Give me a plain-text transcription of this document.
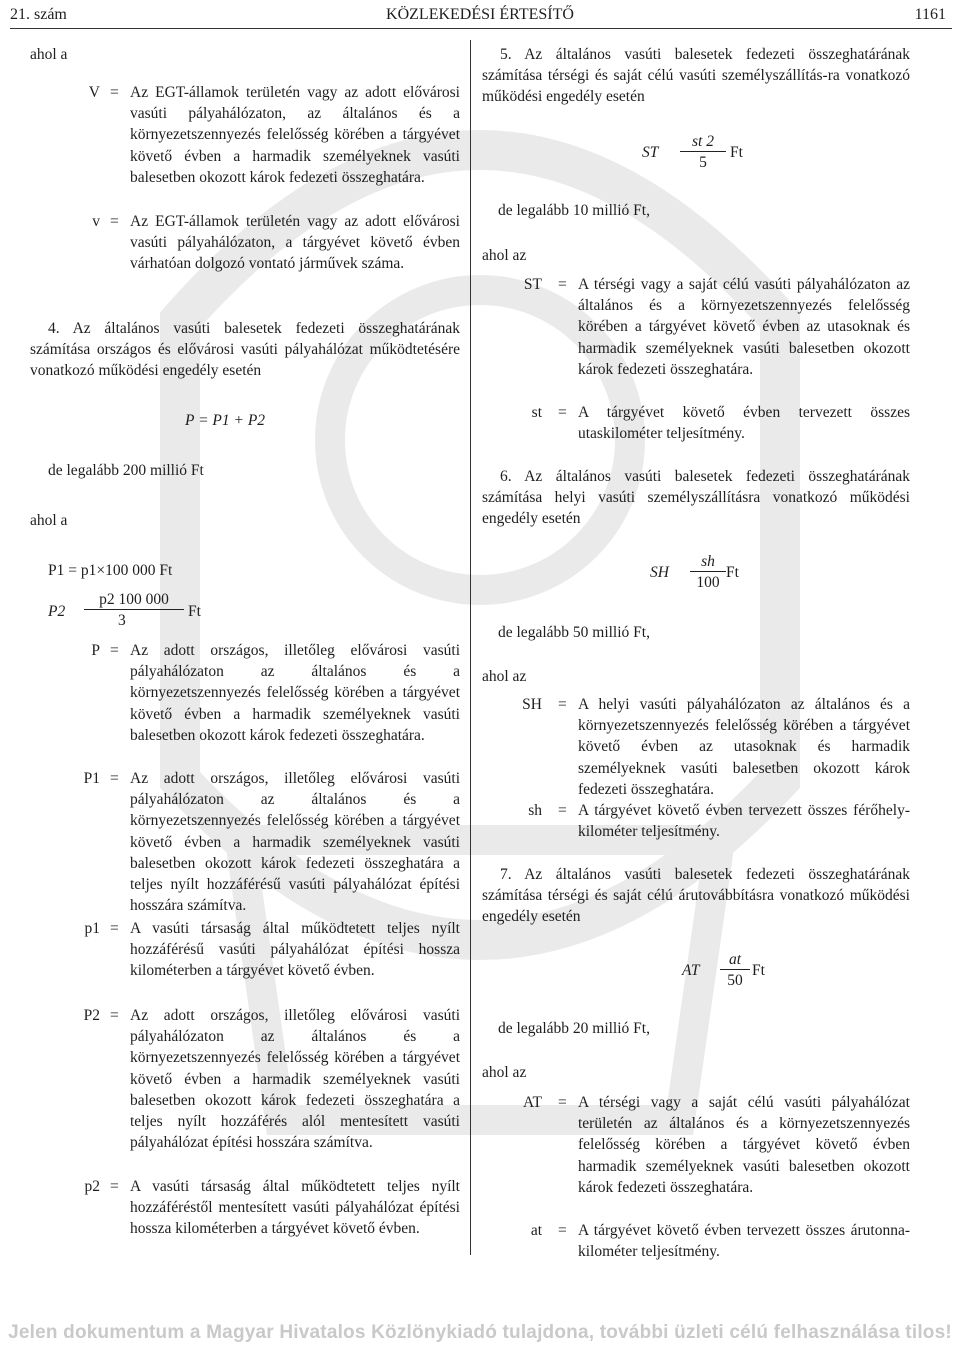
21. szám	KÖZLEKEDÉSI ÉRTESÍTŐ	1161
ahol a
V = Az EGT-államok területén vagy az adott elővárosi vasúti pályahálózaton, az általános és a környezetszennyezés felelősség körében a tárgyévet követő évben a harmadik személyeknek vasúti balesetben okozott károk fedezeti összeghatára.
v = Az EGT-államok területén vagy az adott elővárosi vasúti pályahálózaton, a tárgyévet követő évben várhatóan dolgozó vontató járművek száma.
4. Az általános vasúti balesetek fedezeti összeghatárának számítása országos és elővárosi vasúti pályahálózat működtetésére vonatkozó működési engedély esetén
P = P1 + P2
de legalább 200 millió Ft
ahol a
P1 = p1×100 000 Ft
$P2 \frac{p2 100 000}{3}$ Ft
P = Az adott országos, illetőleg elővárosi vasúti pályahálózaton az általános és a környezetszennyezés felelősség körében a tárgyévet követő évben a harmadik személyeknek vasúti balesetben okozott károk fedezeti összeghatára.
P1 = Az adott országos, illetőleg elővárosi vasúti pályahálózaton az általános és a környezetszennyezés felelősség körében a tárgyévet követő évben a harmadik személyeknek vasúti balesetben okozott károk fedezeti összeghatára a teljes nyílt hozzáférésű vasúti pályahálózat építési hosszára számítva.
p1 = A vasúti társaság által működtetett teljes nyílt hozzáférésű vasúti pályahálózat építési hossza kilométerben a tárgyévet követő évben.
P2 = Az adott országos, illetőleg elővárosi vasúti pályahálózaton az általános és a környezetszennyezés felelősség körében a tárgyévet követő évben a harmadik személyeknek vasúti balesetben okozott károk fedezeti összeghatára a teljes nyílt hozzáférés alól mentesített vasúti pályahálózat építési hosszára számítva.
p2 = A vasúti társaság által működtetett teljes nyílt hozzáféréstől mentesített vasúti pályahálózat építési hossza kilométerben a tárgyévet követő évben.
5. Az általános vasúti balesetek fedezeti összeghatárának számítása térségi és saját célú vasúti személyszállítás-ra vonatkozó működési engedély esetén
ST $\frac{st 2}{5}$ Ft
de legalább 10 millió Ft,
ahol az
ST = A térségi vagy a saját célú vasúti pályahálózaton az általános és a környezetszennyezés felelősség körében a tárgyévet követő évben az utasoknak és harmadik személyeknek vasúti balesetben okozott károk fedezeti összeghatára.
st = A tárgyévet követő évben tervezett összes utaskilométer teljesítmény.
6. Az általános vasúti balesetek fedezeti összeghatárának számítása helyi vasúti személyszállításra vonatkozó működési engedély esetén
SH $\frac{sh}{100}$ Ft
de legalább 50 millió Ft,
ahol az
SH = A helyi vasúti pályahálózaton az általános és a környezetszennyezés felelősség körében a tárgyévet követő évben az utasoknak és harmadik személyeknek vasúti balesetben okozott károk fedezeti összeghatára.
sh = A tárgyévet követő évben tervezett összes férőhely-kilométer teljesítmény.
7. Az általános vasúti balesetek fedezeti összeghatárának számítása térségi és saját célú árutovábbításra vonatkozó működési engedély esetén
AT $\frac{at}{50}$ Ft
de legalább 20 millió Ft,
ahol az
AT = A térségi vagy a saját célú vasúti pályahálózat területén az általános és a környezetszennyezés felelősség körében a tárgyévet követő évben harmadik személyeknek vasúti balesetben okozott károk fedezeti összeghatára.
at = A tárgyévet követő évben tervezett összes árutonna-kilométer teljesítmény.
Jelen dokumentum a Magyar Hivatalos Közlönykiadó tulajdona, további üzleti célú felhasználása tilos!
